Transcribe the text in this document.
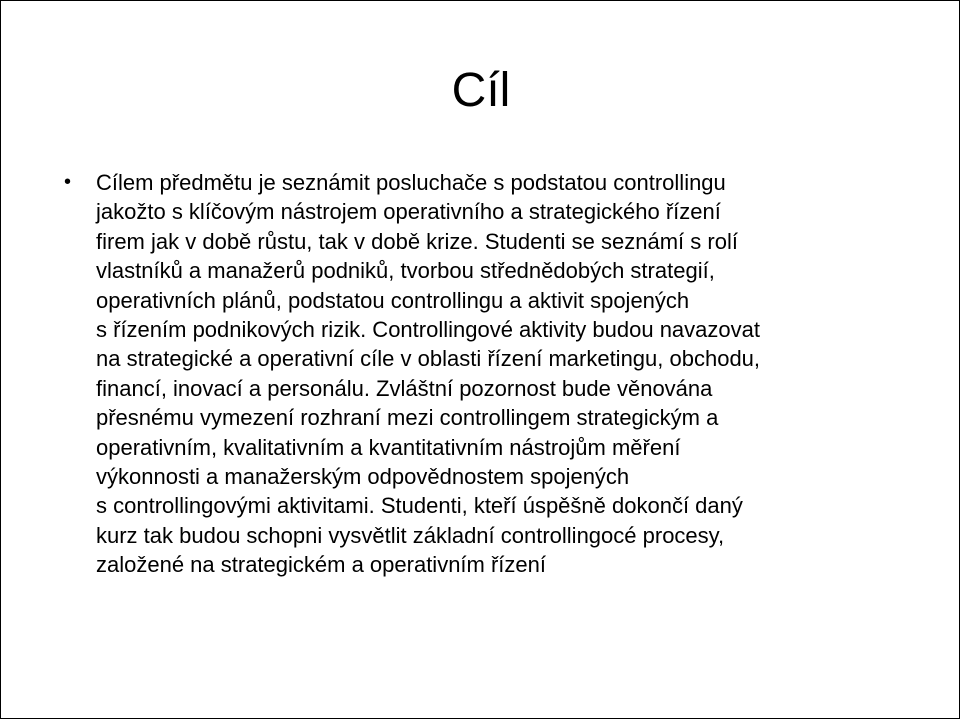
Cíl
• Cílem předmětu je seznámit posluchače s podstatou controllingu
jakožto s klíčovým nástrojem operativního a strategického řízení
firem jak v době růstu, tak v době krize. Studenti se seznámí s rolí
vlastníků a manažerů podniků, tvorbou střednědobých strategií,
operativních plánů, podstatou controllingu a aktivit spojených
s řízením podnikových rizik. Controllingové aktivity budou navazovat
na strategické a operativní cíle v oblasti řízení marketingu, obchodu,
financí, inovací a personálu. Zvláštní pozornost bude věnována
přesnému vymezení rozhraní mezi controllingem strategickým a
operativním, kvalitativním a kvantitativním nástrojům měření
výkonnosti a manažerským odpovědnostem spojených
s controllingovými aktivitami. Studenti, kteří úspěšně dokončí daný
kurz tak budou schopni vysvětlit základní controllingocé procesy,
založené na strategickém a operativním řízení
